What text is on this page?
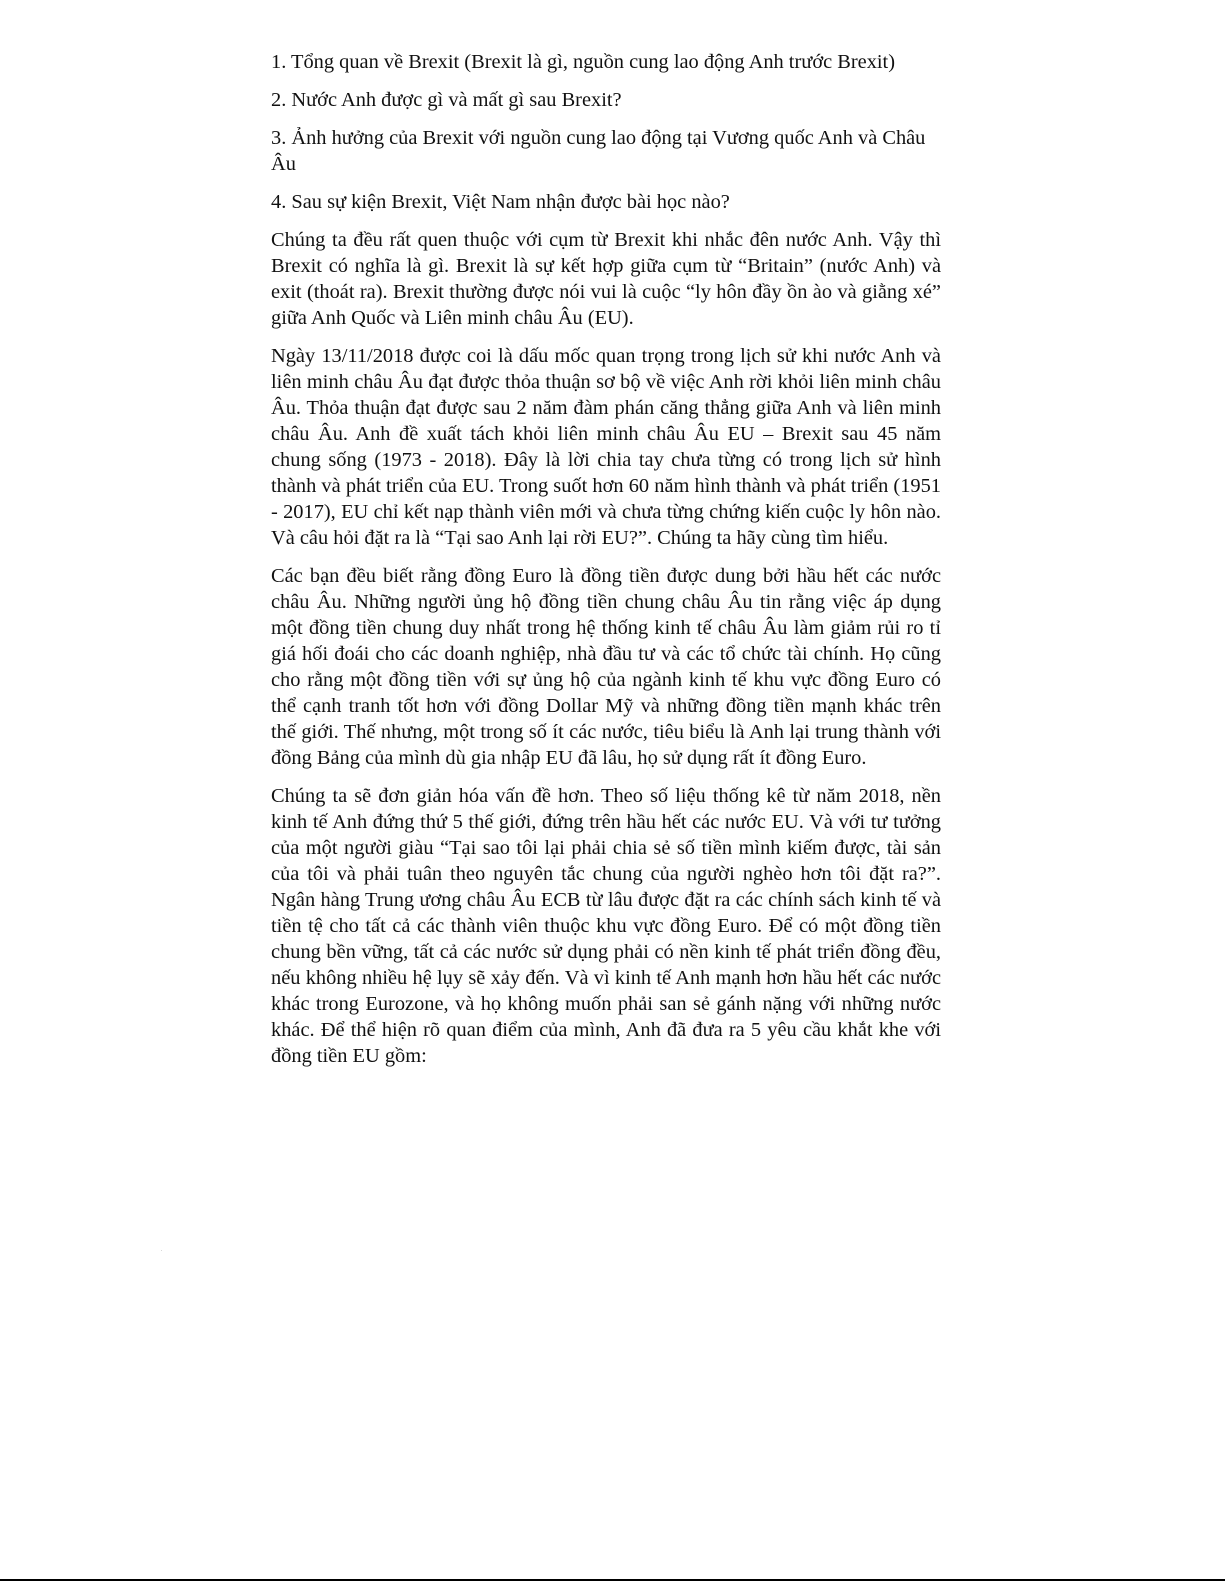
1. Tổng quan về Brexit (Brexit là gì, nguồn cung lao động Anh trước Brexit)

2. Nước Anh được gì và mất gì sau Brexit?

3. Ảnh hưởng của Brexit với nguồn cung lao động tại Vương quốc Anh và Châu Âu

4. Sau sự kiện Brexit, Việt Nam nhận được bài học nào?

Chúng ta đều rất quen thuộc với cụm từ Brexit khi nhắc đên nước Anh. Vậy thì Brexit có nghĩa là gì. Brexit là sự kết hợp giữa cụm từ “Britain” (nước Anh) và exit (thoát ra). Brexit thường được nói vui là cuộc “ly hôn đầy ồn ào và giằng xé” giữa Anh Quốc và Liên minh châu Âu (EU).

Ngày 13/11/2018 được coi là dấu mốc quan trọng trong lịch sử khi nước Anh và liên minh châu Âu đạt được thỏa thuận sơ bộ về việc Anh rời khỏi liên minh châu Âu. Thỏa thuận đạt được sau 2 năm đàm phán căng thẳng giữa Anh và liên minh châu Âu. Anh đề xuất tách khỏi liên minh châu Âu EU – Brexit sau 45 năm chung sống (1973 - 2018). Đây là lời chia tay chưa từng có trong lịch sử hình thành và phát triển của EU. Trong suốt hơn 60 năm hình thành và phát triển (1951 - 2017), EU chỉ kết nạp thành viên mới và chưa từng chứng kiến cuộc ly hôn nào. Và câu hỏi đặt ra là “Tại sao Anh lại rời EU?”. Chúng ta hãy cùng tìm hiểu.

Các bạn đều biết rằng đồng Euro là đồng tiền được dung bởi hầu hết các nước châu Âu. Những người ủng hộ đồng tiền chung châu Âu tin rằng việc áp dụng một đồng tiền chung duy nhất trong hệ thống kinh tế châu Âu làm giảm rủi ro tỉ giá hối đoái cho các doanh nghiệp, nhà đầu tư và các tổ chức tài chính. Họ cũng cho rằng một đồng tiền với sự ủng hộ của ngành kinh tế khu vực đồng Euro có thể cạnh tranh tốt hơn với đồng Dollar Mỹ và những đồng tiền mạnh khác trên thế giới. Thế nhưng, một trong số ít các nước, tiêu biểu là Anh lại trung thành với đồng Bảng của mình dù gia nhập EU đã lâu, họ sử dụng rất ít đồng Euro.

Chúng ta sẽ đơn giản hóa vấn đề hơn. Theo số liệu thống kê từ năm 2018, nền kinh tế Anh đứng thứ 5 thế giới, đứng trên hầu hết các nước EU. Và với tư tưởng của một người giàu “Tại sao tôi lại phải chia sẻ số tiền mình kiếm được, tài sản của tôi và phải tuân theo nguyên tắc chung của người nghèo hơn tôi đặt ra?”. Ngân hàng Trung ương châu Âu ECB từ lâu được đặt ra các chính sách kinh tế và tiền tệ cho tất cả các thành viên thuộc khu vực đồng Euro. Để có một đồng tiền chung bền vững, tất cả các nước sử dụng phải có nền kinh tế phát triển đồng đều, nếu không nhiều hệ lụy sẽ xảy đến. Và vì kinh tế Anh mạnh hơn hầu hết các nước khác trong Eurozone, và họ không muốn phải san sẻ gánh nặng với những nước khác. Để thể hiện rõ quan điểm của mình, Anh đã đưa ra 5 yêu cầu khắt khe với đồng tiền EU gồm:
